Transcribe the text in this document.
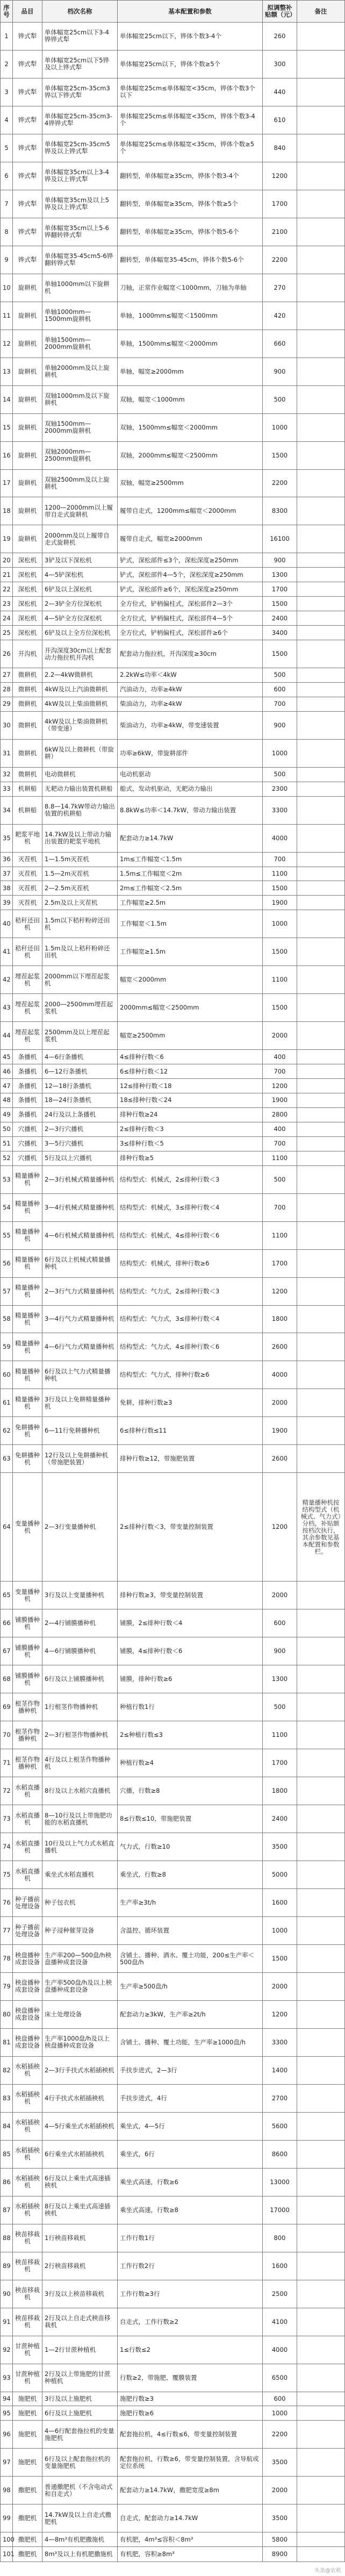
序号	品目	档次名称	基本配置和参数	拟调整补贴额（元）	备注
1	铧式犁	单体幅宽25cm以下3-4铧铧式犁	单体幅宽25cm以下，铧体个数3-4个	260	
2	铧式犁	单体幅宽25cm以下5铧及以上铧式犁	单体幅宽25cm以下，铧体个数≥5个	300	
3	铧式犁	单体幅宽25cm-35cm3铧以下铧式犁	单体幅宽25cm≤单体幅宽<35cm，铧体个数3个以下	440	
4	铧式犁	单体幅宽25cm-35cm3-4铧铧式犁	单体幅宽25cm≤单体幅宽<35cm，铧体个数3-4个	610	
5	铧式犁	单体幅宽25cm-35cm5铧及以上铧式犁	单体幅宽25cm≤单体幅宽<35cm，铧体个数≥5个	840	
6	铧式犁	单体幅宽35cm以上3-4铧及以上铧式犁	翻转型，单体幅宽≥35cm，铧体个数3-4个	1200	
7	铧式犁	单体幅宽35cm及以上5铧及以上铧式犁	翻转型，单体幅宽≥35cm，铧体个数≥5个	1700	
8	铧式犁	单体幅宽35cm以上5-6铧翻转铧式犁	翻转型，单体幅宽≥35cm，铧体个数5-6个	2100	
9	铧式犁	单体幅宽35-45cm5-6铧翻转铧式犁	翻转型，单体幅宽35-45cm，铧体个数5-6个	2200	
10	旋耕机	单轴1000mm以下旋耕机	刀轴，正常作业幅宽＜1000mm，刀轴为单轴	270	
11	旋耕机	单轴1000mm—1500mm旋耕机	单轴，1000mm≤幅宽＜1500mm	420	
12	旋耕机	单轴1500mm—2000mm旋耕机	单轴，1500mm≤幅宽＜2000mm	660	
13	旋耕机	单轴2000mm及以上旋耕机	单轴，幅宽≥2000mm	900	
14	旋耕机	双轴1000mm及以下旋耕机	双轴，幅宽＜1000mm	500	
15	旋耕机	双轴1500mm—2000mm旋耕机	双轴，1500mm≤幅宽＜2000mm	1000	
16	旋耕机	双轴2000mm—2500mm旋耕机	双轴，2000mm≤幅宽＜2500mm	1500	
17	旋耕机	双轴2500mm及以上旋耕机	双轴，幅宽≥2500mm	2200	
18	旋耕机	1200—2000mm以上履带自走式旋耕机	履带自走式，1200mm≤幅宽＜2000mm	8300	
19	旋耕机	2000mm及以上履带自走式旋耕机	履带自走式，幅宽≥2000mm	16100	
20	深松机	3铲及以下深松机	铲式，深松部件≤3个，深松深度≥250mm	900	
21	深松机	4—5铲深松机	铲式，深松部件4—5个，深松深度≥250mm	1300	
22	深松机	6铲及以上深松机	铲式，深松部件≥6个，深松深度≥250mm	1700	
23	深松机	2—3铲全方位深松机	全方位式，铲柄偏柱式，深松部件2—3个	1500	
24	深松机	4—5铲全方位深松机	全方位式，铲柄偏柱式，深松部件4—5个	2400	
25	深松机	6铲及以上全方位深松机	全方位式，铲柄偏柱式，深松部件≥6个	3400	
26	开沟机	开沟深度30cm以上配套动力拖拉机开沟机	配套动力拖拉机，开沟深度≥30cm	1500	
27	微耕机	2.2—4kW微耕机	2.2kW≤功率＜4kW	500	
28	微耕机	4kW及以上汽油微耕机	汽油动力，功率≥4kW	600	
29	微耕机	4kW及以上柴油微耕机	柴油动力，功率≥4kW	700	
30	微耕机	4kW及以上柴油微耕机（带变速）	柴油动力，功率≥4kW，带变速装置	900	
31	微耕机	6kW及以上微耕机（带旋耕）	功率≥6kW，带旋耕部件	1000	
32	微耕机	电动微耕机	电动机驱动	500	
33	机耕船	无耙动力输出装置机耕船	船式，发动机驱动，无耙动力输出	2300	
34	机耕船	8.8—14.7kW带动力输出装置的机耕船	8.8kW≤功率＜14.7kW，带动力输出装置	3300	
35	耙浆平地机	14.7kW及以上带动力输出装置的耙浆平地机	配套动力≥14.7kW	4000	
36	灭茬机	1—1.5m灭茬机	1m≤工作幅宽＜1.5m	700	
37	灭茬机	1.5—2m灭茬机	1.5m≤工作幅宽＜2m	1100	
38	灭茬机	2—2.5m灭茬机	2m≤工作幅宽＜2.5m	1500	
39	灭茬机	2.5m及以上灭茬机	工作幅宽≥2.5m	1900	
40	秸秆还田机	1.5m以下秸秆粉碎还田机	工作幅宽＜1.5m	1000	
41	秸秆还田机	1.5m及以上秸秆粉碎还田机	工作幅宽≥1.5m	1500	
42	埋茬起浆机	2000mm以下埋茬起浆机	幅宽＜2000mm	1100	
43	埋茬起浆机	2000—2500mm埋茬起浆机	2000mm≤幅宽＜2500mm	1500	
44	埋茬起浆机	2500mm及以上埋茬起浆机	幅宽≥2500mm	2000	
45	条播机	4—6行条播机	4≤排种行数＜6	400	
46	条播机	6—12行条播机	6≤排种行数＜12	700	
47	条播机	12—18行条播机	12≤排种行数＜18	1200	
48	条播机	18—24行条播机	18≤排种行数＜24	1900	
49	条播机	24行及以上条播机	排种行数≥24	2800	
50	穴播机	2—3行穴播机	2≤排种行数＜3	400	
51	穴播机	3—5行穴播机	3≤排种行数＜5	700	
52	穴播机	5行及以上穴播机	排种行数≥5	1100	
53	精量播种机	2—3行机械式精量播种机	结构型式：机械式，2≤排种行数＜3	500	
54	精量播种机	3—4行机械式精量播种机	结构型式：机械式，3≤排种行数＜4	700	
55	精量播种机	4—6行机械式精量播种机	结构型式：机械式，4≤排种行数＜6	1100	
56	精量播种机	6行及以上机械式精量播种机	结构型式：机械式，排种行数≥6	1700	
57	精量播种机	2—3行气力式精量播种机	结构型式：气力式，2≤排种行数＜3	1200	
58	精量播种机	3—4行气力式精量播种机	结构型式：气力式，3≤排种行数＜4	1800	
59	精量播种机	4—6行气力式精量播种机	结构型式：气力式，4≤排种行数＜6	2600	
60	精量播种机	6行及以上气力式精量播种机	结构型式：气力式，排种行数≥6	4000	
61	精量播种机	3行及以上免耕精量播种机	免耕，排种行数≥3	2000	
62	免耕播种机	6—11行免耕播种机	6≤排种行数≤11	1900	
63	免耕播种机	12行及以上免耕播种机（带施肥装置）	排种行数≥12，带施肥装置	2600	
64	变量播种机	2—3行变量播种机	2≤排种行数＜3，带变量控制装置	1200	精量播种机按结构型式（机械式、气力式）分档，补贴额按档次执行，其余参数见基本配置和参数栏。
65	变量播种机	3行及以上变量播种机	排种行数≥3，带变量控制装置	2000	
66	铺膜播种机	2—4行铺膜播种机	铺膜，2≤排种行数＜4	600	
67	铺膜播种机	4—6行铺膜播种机	铺膜，4≤排种行数＜6	900	
68	铺膜播种机	6行及以上铺膜播种机	铺膜，排种行数≥6	1300	
69	根茎作物播种机	1行根茎作物播种机	种植行数1行	500	
70	根茎作物播种机	2—3行根茎作物播种机	2≤种植行数≤3	1100	
71	根茎作物播种机	4行及以上根茎作物播种机	种植行数≥4	1700	
72	水稻直播机	8行及以上水稻穴直播机	穴播，行数≥8	1800	
73	水稻直播机	8—10行及以上带施肥功能的水稻直播机	8≤行数≤10，带施肥装置	2400	
74	水稻直播机	10行及以上气力式水稻直播机	气力式，行数≥10	3500	
75	水稻直播机	乘坐式水稻直播机	乘坐式，行数≥8	5000	
76	种子播前处理设备	种子包衣机	生产率≥3t/h	1600	
77	种子播前处理设备	种子浸种催芽设备	含温控、循环装置	1000	
78	秧盘播种成套设备	生产率200—500盘/h秧盘播种成套设备	含铺土、播种、洒水、覆土功能，200≤生产率＜500盘/h	1500	
79	秧盘播种成套设备	生产率500盘/h及以上秧盘播种成套设备	生产率≥500盘/h	2000	
80	秧盘播种成套设备	床土处理设备	配套动力≥3kW，生产率≥2t/h	1200	
81	秧盘播种成套设备	生产率1000盘/h及以上秧盘播种成套设备	含铺土、播种、覆土功能，生产率≥1000盘/h	3300	
82	水稻插秧机	2—3行手扶式水稻插秧机	手扶步进式，2—3行	1400	
83	水稻插秧机	4行手扶式水稻插秧机	手扶步进式，4行	2700	
84	水稻插秧机	4—5行乘坐式水稻插秧机	乘坐式，4—5行	5600	
85	水稻插秧机	6行乘坐式水稻插秧机	乘坐式，6行	8600	
86	水稻插秧机	6行及以上乘坐式高速插秧机	乘坐式高速，行数≥6	13000	
87	水稻插秧机	8行及以上乘坐式高速插秧机	乘坐式高速，行数≥8	17000	
88	秧苗移栽机	1行秧苗移栽机	工作行数1行	800	
89	秧苗移栽机	2行秧苗移栽机	工作行数2行	1600	
90	秧苗移栽机	3行及以上秧苗移栽机	工作行数≥3行	2500	
91	秧苗移栽机	2行及以上自走式秧苗移栽机	自走式，工作行数≥2	4100	
92	甘蔗种植机	1—2行甘蔗种植机	1≤行数≤2	4000	
93	甘蔗种植机	2行及以上带施肥的甘蔗种植机	行数≥2，带施肥、覆膜装置	6500	
94	施肥机	3行及以上施肥机	施肥行数≥3	600	
95	施肥机	6行及以上施肥机	施肥行数≥6	1000	
96	施肥机	4—6行配套拖拉机的变量施肥机	配套拖拉机，4≤行数≤6，带变量控制装置	2200	
97	施肥机	6行及以上配套拖拉机的变量施肥机	配套拖拉机，行数≥6，带变量控制装置，含导航或定位系统	3500	
98	撒肥机	普通撒肥机（不含电动式和自走式）	配套动力≥14.7kW，撒肥宽度≥8m	2000	
99	撒肥机	14.7kW及以上自走式撒肥机	自走式，配套动力≥14.7kW	3500	
100	撒肥机	4—8m³有机肥撒施机	有机肥，4m³≤容积＜8m³	5800	
101	撒肥机	8m³及以上有机肥撒施机	有机肥，容积≥8m³	8900	
头条@农机
